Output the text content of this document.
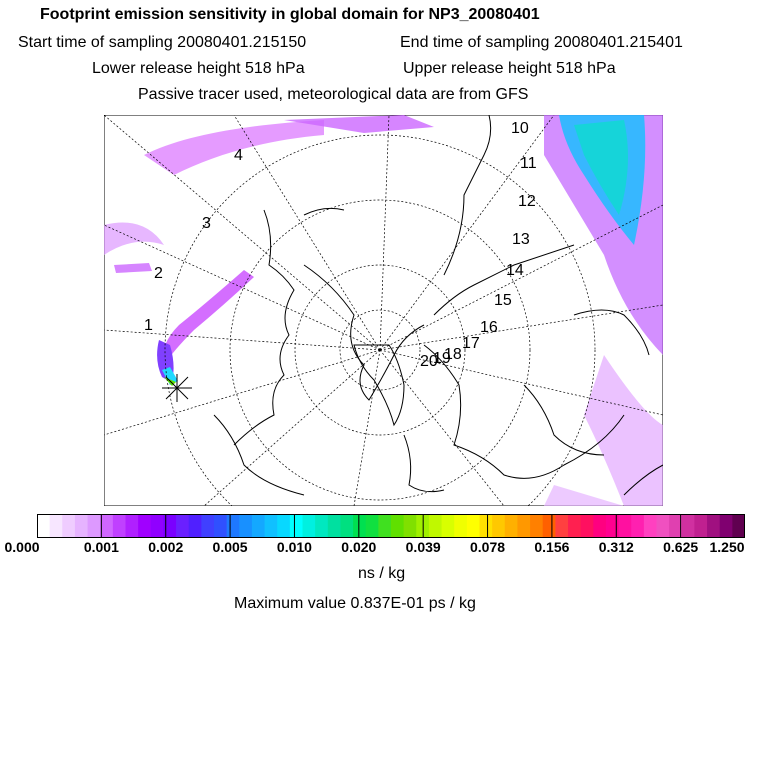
Footprint emission sensitivity in global domain for NP3_20080401
Start time of sampling 20080401.215150	End time of sampling 20080401.215401
Lower release height 518 hPa	Upper release height 518 hPa
Passive tracer used, meteorological data are from GFS
1
2
3
4
10
11
12
13
14
15
16
17
18
19
20
0.000	0.001 0.002 0.005 0.010 0.020 0.039 0.078 0.156 0.312 0.625 1.250
ns / kg
Maximum value 0.837E-01 ps / kg
